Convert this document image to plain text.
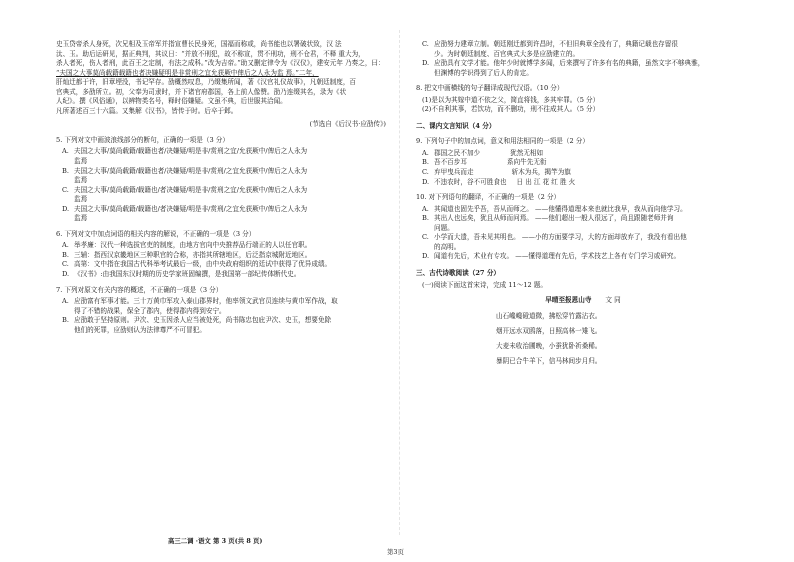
史玉贷帝杀人身死，次兄相及玉帝军并指宣曹长民身死，国福而称或，尚书能也以署破状致，汉 法

汰、玉。助后运研见，据正典判，其议日：“并放不刑犯，故不称宣，贯不刑功，刑不仓君，不释 重大为，

杀人者死，伤人者刑，此百王之定制，有法之成科。”改为吉帝。”助又删定律令为《汉仪》，建安元年 乃奏之，曰：

“夫国之大事莫尚载籍载籍也者决嫌疑明是非赏刑之宜允获厥中俾后之人永为监 焉。”二年，

肝灿迁都于许，旧章堙没，书记罕存。劭概然叹息，乃缀集所闻，著《汉官礼仪故事》，凡朝廷制度，百

官典式，多劭所立。初，父奉为司隶时，并下诸官府郡国，各上前人像赞。劭乃连缀其名，录为《状

人纪》。撰《风俗通》，以辨物类名号，释时俗嫌疑。文虽不典，后世服其洽闻。

凡所著述百三十六篇。又集解《汉书》，皆传于时。后卒于邺。

(节选自《后汉书·应劭传》)

5. 下列对文中画波浪线部分的断句，正确的一项是（3 分）

A. 夫国之大事/莫尚载籍/载籍也者/决嫌疑/明是非/赏刑之宜/允获厥中/俾后之人永为

监焉

B. 夫国之大事/莫尚载籍/载籍也者/决嫌疑/明是非/赏刑/之宜允获厥中/俾后之人永为

监焉

C. 夫国之大事/莫尚载籍/载籍也/者决嫌疑/明是非/赏刑之宜/允获厥中/俾后之人永为

监焉

D. 夫国之大事/莫尚载籍/载籍也/者决嫌疑/明是非/赏刑/之宜允获厥中/俾后之人永为

监焉

6. 下列对文中加点词语的相关内容的解说，不正确的一项是（3 分）

A. 举孝廉：汉代一种选拔官吏的制度，由地方官向中央推荐品行端正的人以任官职。

B. 三辅：指西汉京畿地区三种职官的合称，亦指其所辖地区，后泛指京城附近地区。

C. 高第：文中指在我国古代科举考试最后一级，由中央政府组织的廷试中获得了优异成绩。

D. 《汉书》:由我国东汉时期的历史学家班固编撰，是我国第一部纪传体断代史。

7. 下列对原文有关内容的概述，不正确的一项是（3 分）

A. 应劭富有军事才能。三十万黄巾军攻入泰山郡界时，他率领文武官员连续与黄巾军作战，取

得了不错的战果，保全了郡内，使得郡内得到安宁。

B. 应劭敢于坚持原则。尹次、史玉因杀人应当被处死，尚书陈忠包庇尹次、史玉，想要免除

他们的死罪，应劭则认为法律尊严不可冒犯。

C. 应劭努力建章立制。朝廷刚迁都到许昌时，不但旧典章全没有了，典籍记载也存留很

少。为时朝廷制度、百官典式大多是应劭建立的。

D. 应劭具有文学才能。他年少时就博学多闻，后来撰写了许多有名的典籍，虽然文字不够典雅，

但渊博的学识得到了后人的肯定。

8. 把文中画横线的句子翻译成现代汉语。（10 分）

(1)是以为其嫁中道不依之父，简直将钱，多其牢罪。（5 分）

(2)不自利其事，若饮功，而不删功，刑不往成其人。（5 分）

二、课内文言知识（4 分）

9. 下列句子中的加点词，意义和用法相同的一项是（2 分）

A. 郡国之民不加少	犹然无相如

B. 吾不百步耳	系向牛先无衔

C. 弃甲曳兵而走	斩木为兵，揭竿为旗

D. 不违农时，谷不可胜食也 日 出 江 花 红 胜 火

10. 对下列语句的翻译，不正确的一项是（2 分）

A. 其闻道也固先乎吾，吾从而师之。 ——他懂得道理本来也就比我早，我从而向他学习。

B. 其出人也远矣，犹且从师而问焉。 ——他们超出一般人很远了，尚且跟随老师并询

问题。

C. 小学而大遗，吾未见其明也。 ——小的方面要学习，大的方面却放弃了，我没有看出他

的高明。

D. 闻道有先后，术业有专攻。 ——懂得道理有先后，学术技艺上各有专门学习或研究。

三、古代诗歌阅读（27 分）

(一)阅读下面这首宋诗，完成 11～12 题。

早晴至报恩山寺 文 同

山石巉巉磴道微，拂松穿竹露沾衣。

烟开远水双鸥落，日照高林一雉飞。

大麦未收治圃晚，小蚕犹卧祈桑稀。

暴阴已合牛羊下，信马林间步月归。

高三二调 ·语文 第 3 页(共 8 页)
第3页
